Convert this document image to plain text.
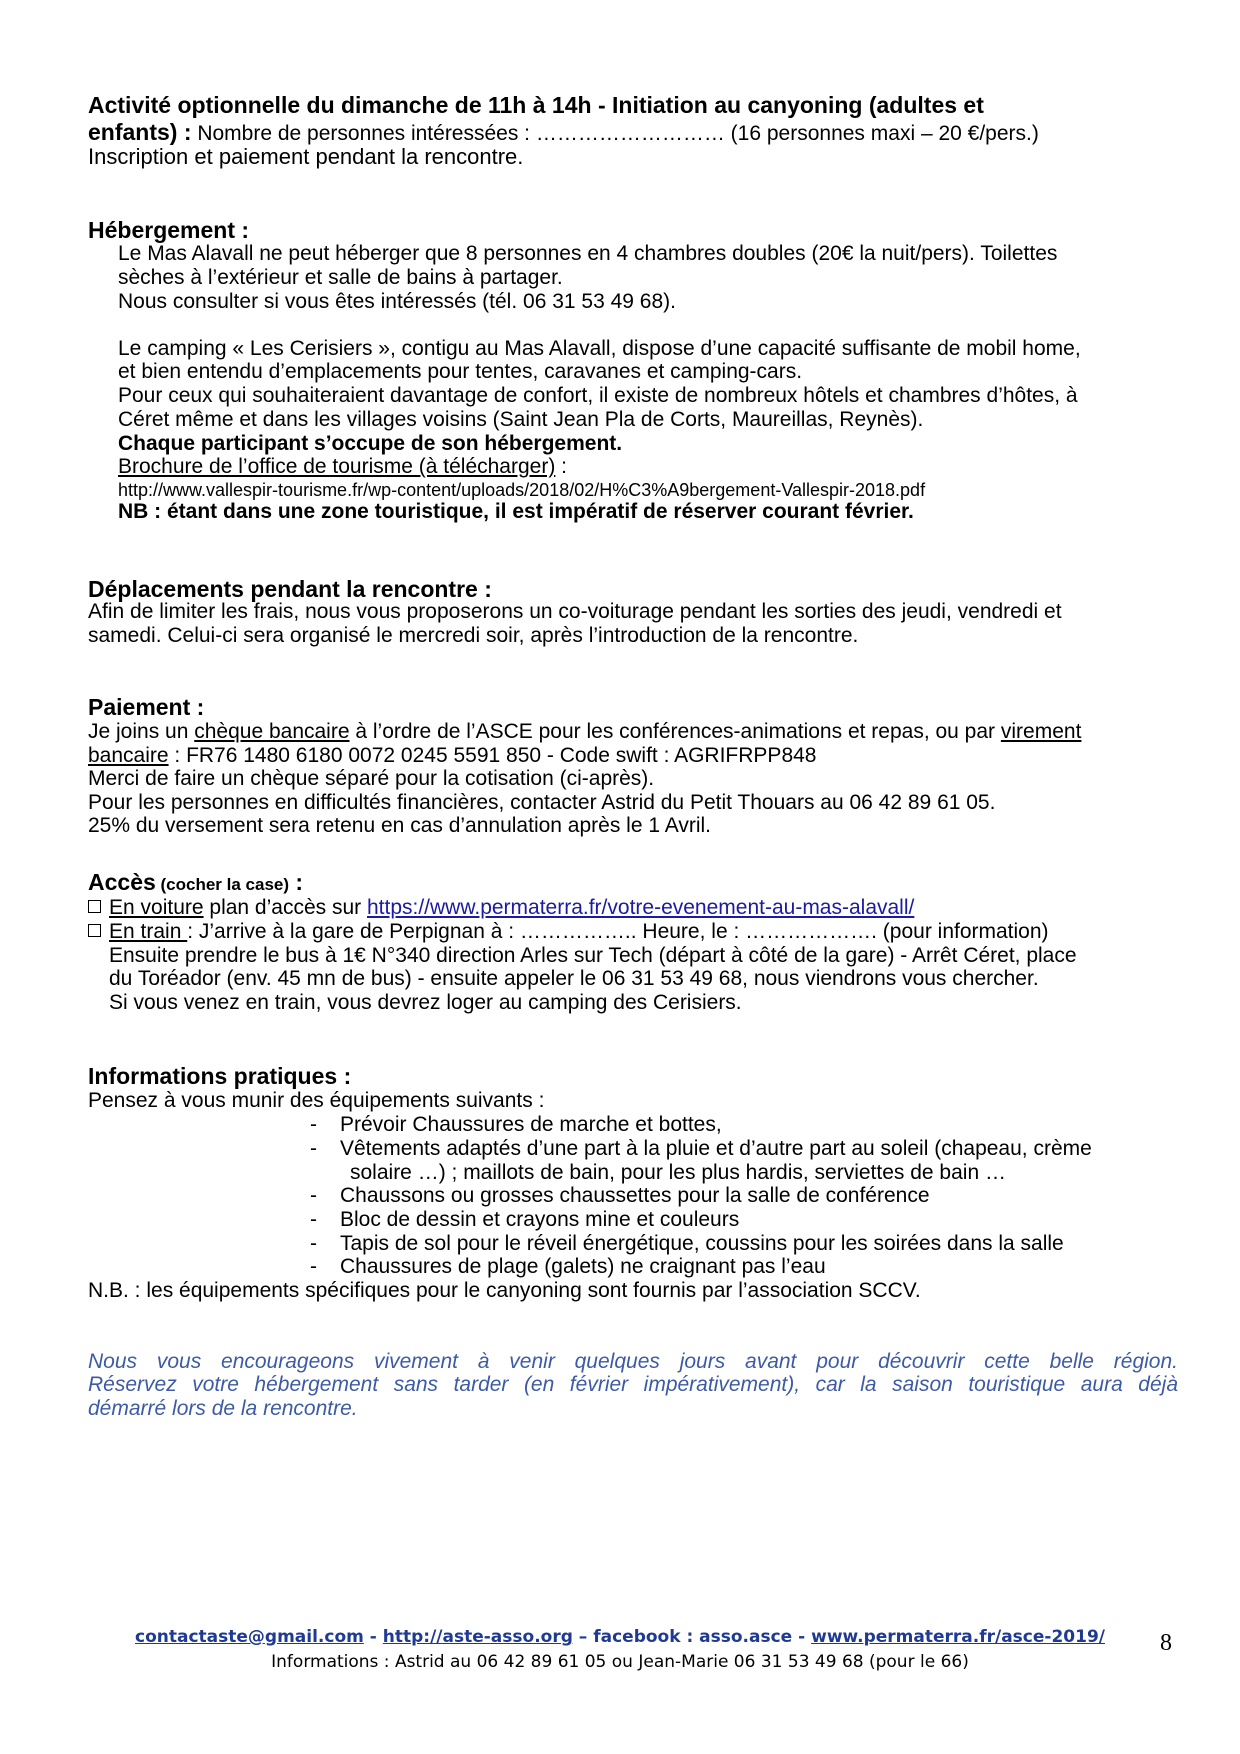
Activité optionnelle du dimanche de 11h à 14h - Initiation au canyoning (adultes et
enfants) : Nombre de personnes intéressées : ……………………… (16 personnes maxi – 20 €/pers.)
Inscription et paiement pendant la rencontre.
Hébergement :
Le Mas Alavall ne peut héberger que 8 personnes en 4 chambres doubles (20€ la nuit/pers). Toilettes
sèches à l’extérieur et salle de bains à partager.
Nous consulter si vous êtes intéressés (tél. 06 31 53 49 68).
Le camping « Les Cerisiers », contigu au Mas Alavall, dispose d’une capacité suffisante de mobil home,
et bien entendu d’emplacements pour tentes, caravanes et camping-cars.
Pour ceux qui souhaiteraient davantage de confort, il existe de nombreux hôtels et chambres d’hôtes, à
Céret même et dans les villages voisins (Saint Jean Pla de Corts, Maureillas, Reynès).
Chaque participant s’occupe de son hébergement.
Brochure de l’office de tourisme (à télécharger) :
http://www.vallespir-tourisme.fr/wp-content/uploads/2018/02/H%C3%A9bergement-Vallespir-2018.pdf
NB : étant dans une zone touristique, il est impératif de réserver courant février.
Déplacements pendant la rencontre :
Afin de limiter les frais, nous vous proposerons un co-voiturage pendant les sorties des jeudi, vendredi et
samedi. Celui-ci sera organisé le mercredi soir, après l’introduction de la rencontre.
Paiement :
Je joins un chèque bancaire à l’ordre de l’ASCE pour les conférences-animations et repas, ou par virement
bancaire : FR76 1480 6180 0072 0245 5591 850 - Code swift : AGRIFRPP848
Merci de faire un chèque séparé pour la cotisation (ci-après).
Pour les personnes en difficultés financières, contacter Astrid du Petit Thouars au 06 42 89 61 05.
25% du versement sera retenu en cas d’annulation après le 1 Avril.
Accès (cocher la case) :
En voiture plan d’accès sur https://www.permaterra.fr/votre-evenement-au-mas-alavall/
En train : J’arrive à la gare de Perpignan à : …………….. Heure, le : ………………. (pour information)
Ensuite prendre le bus à 1€ N°340 direction Arles sur Tech (départ à côté de la gare) - Arrêt Céret, place
du Toréador (env. 45 mn de bus) - ensuite appeler le 06 31 53 49 68, nous viendrons vous chercher.
Si vous venez en train, vous devrez loger au camping des Cerisiers.
Informations pratiques :
Pensez à vous munir des équipements suivants :
- Prévoir Chaussures de marche et bottes,
- Vêtements adaptés d’une part à la pluie et d’autre part au soleil (chapeau, crème
solaire …) ; maillots de bain, pour les plus hardis, serviettes de bain …
- Chaussons ou grosses chaussettes pour la salle de conférence
- Bloc de dessin et crayons mine et couleurs
- Tapis de sol pour le réveil énergétique, coussins pour les soirées dans la salle
- Chaussures de plage (galets) ne craignant pas l’eau
N.B. : les équipements spécifiques pour le canyoning sont fournis par l’association SCCV.
Nous vous encourageons vivement à venir quelques jours avant pour découvrir cette belle région.
Réservez votre hébergement sans tarder (en février impérativement), car la saison touristique aura déjà
démarré lors de la rencontre.
contactaste@gmail.com - http://aste-asso.org – facebook : asso.asce - www.permaterra.fr/asce-2019/
Informations : Astrid au 06 42 89 61 05 ou Jean-Marie 06 31 53 49 68 (pour le 66)
8
